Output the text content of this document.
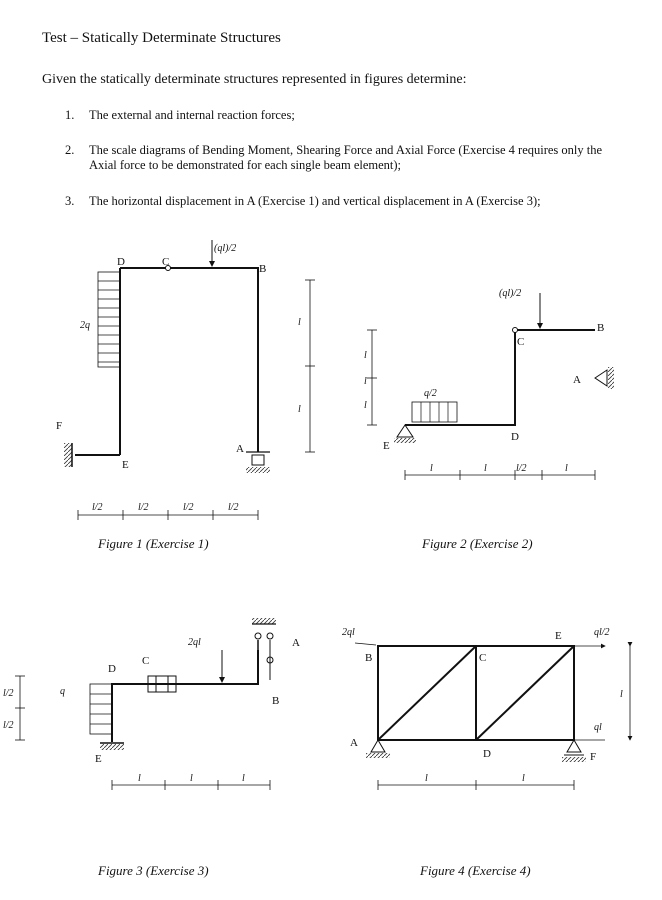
Test – Statically Determinate Structures
Given the statically determinate structures represented in figures determine:
1. The external and internal reaction forces;
2. The scale diagrams of Bending Moment, Shearing Force and Axial Force (Exercise 4 requires only the Axial force to be demonstrated for each single beam element);
3. The horizontal displacement in A (Exercise 1) and vertical displacement in A (Exercise 3);
2q
(ql)/2
D	C
B
A
E
F
l
l
l/2	l/2	l/2	l/2
Figure 1 (Exercise 1)
(ql)/2
q/2
B
C
A
D
E
l
l
l
l	l	l/2	l
Figure 2 (Exercise 2)
2ql
q
D
C
A
B
E
l/2
l/2
l	l	l
Figure 3 (Exercise 3)
2ql	ql/2
ql
B	C
E
A
D	F
l
l	l
Figure 4 (Exercise 4)
